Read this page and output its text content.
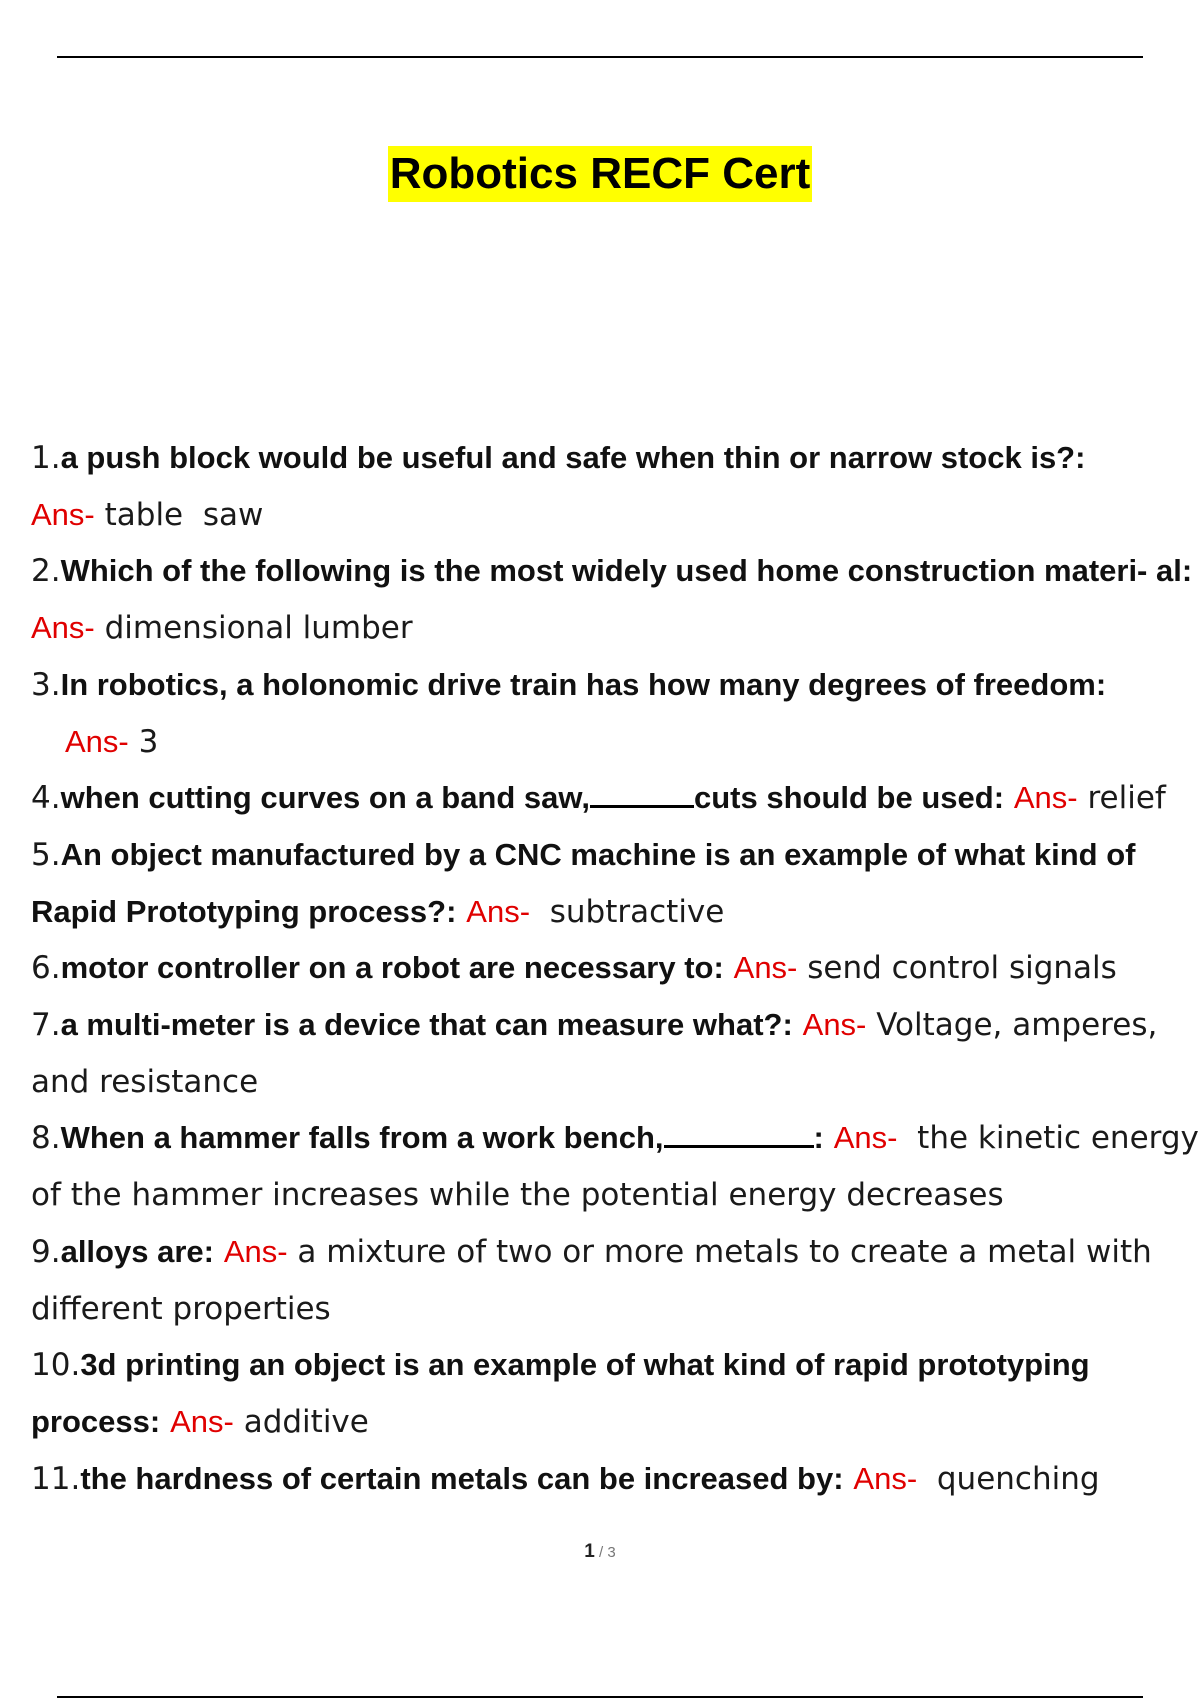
Robotics RECF Cert
1.a push block would be useful and safe when thin or narrow stock is?:
Ans- table  saw
2.Which of the following is the most widely used home construction materi- al: Ans- dimensional lumber
3.In robotics, a holonomic drive train has how many degrees of freedom:
Ans- 3
4.when cutting curves on a band saw,	cuts should be used: Ans- relief
5.An object manufactured by a CNC machine is an example of what kind of Rapid Prototyping process?: Ans-  subtractive
6.motor controller on a robot are necessary to: Ans- send control signals
7.a multi-meter is a device that can measure what?: Ans- Voltage, amperes, and resistance
8.When a hammer falls from a work bench,	: Ans-  the kinetic energy of the hammer increases while the potential energy decreases
9.alloys are: Ans- a mixture of two or more metals to create a metal with different properties
10.3d printing an object is an example of what kind of rapid prototyping process: Ans- additive
11.the hardness of certain metals can be increased by: Ans-  quenching
1 / 3
